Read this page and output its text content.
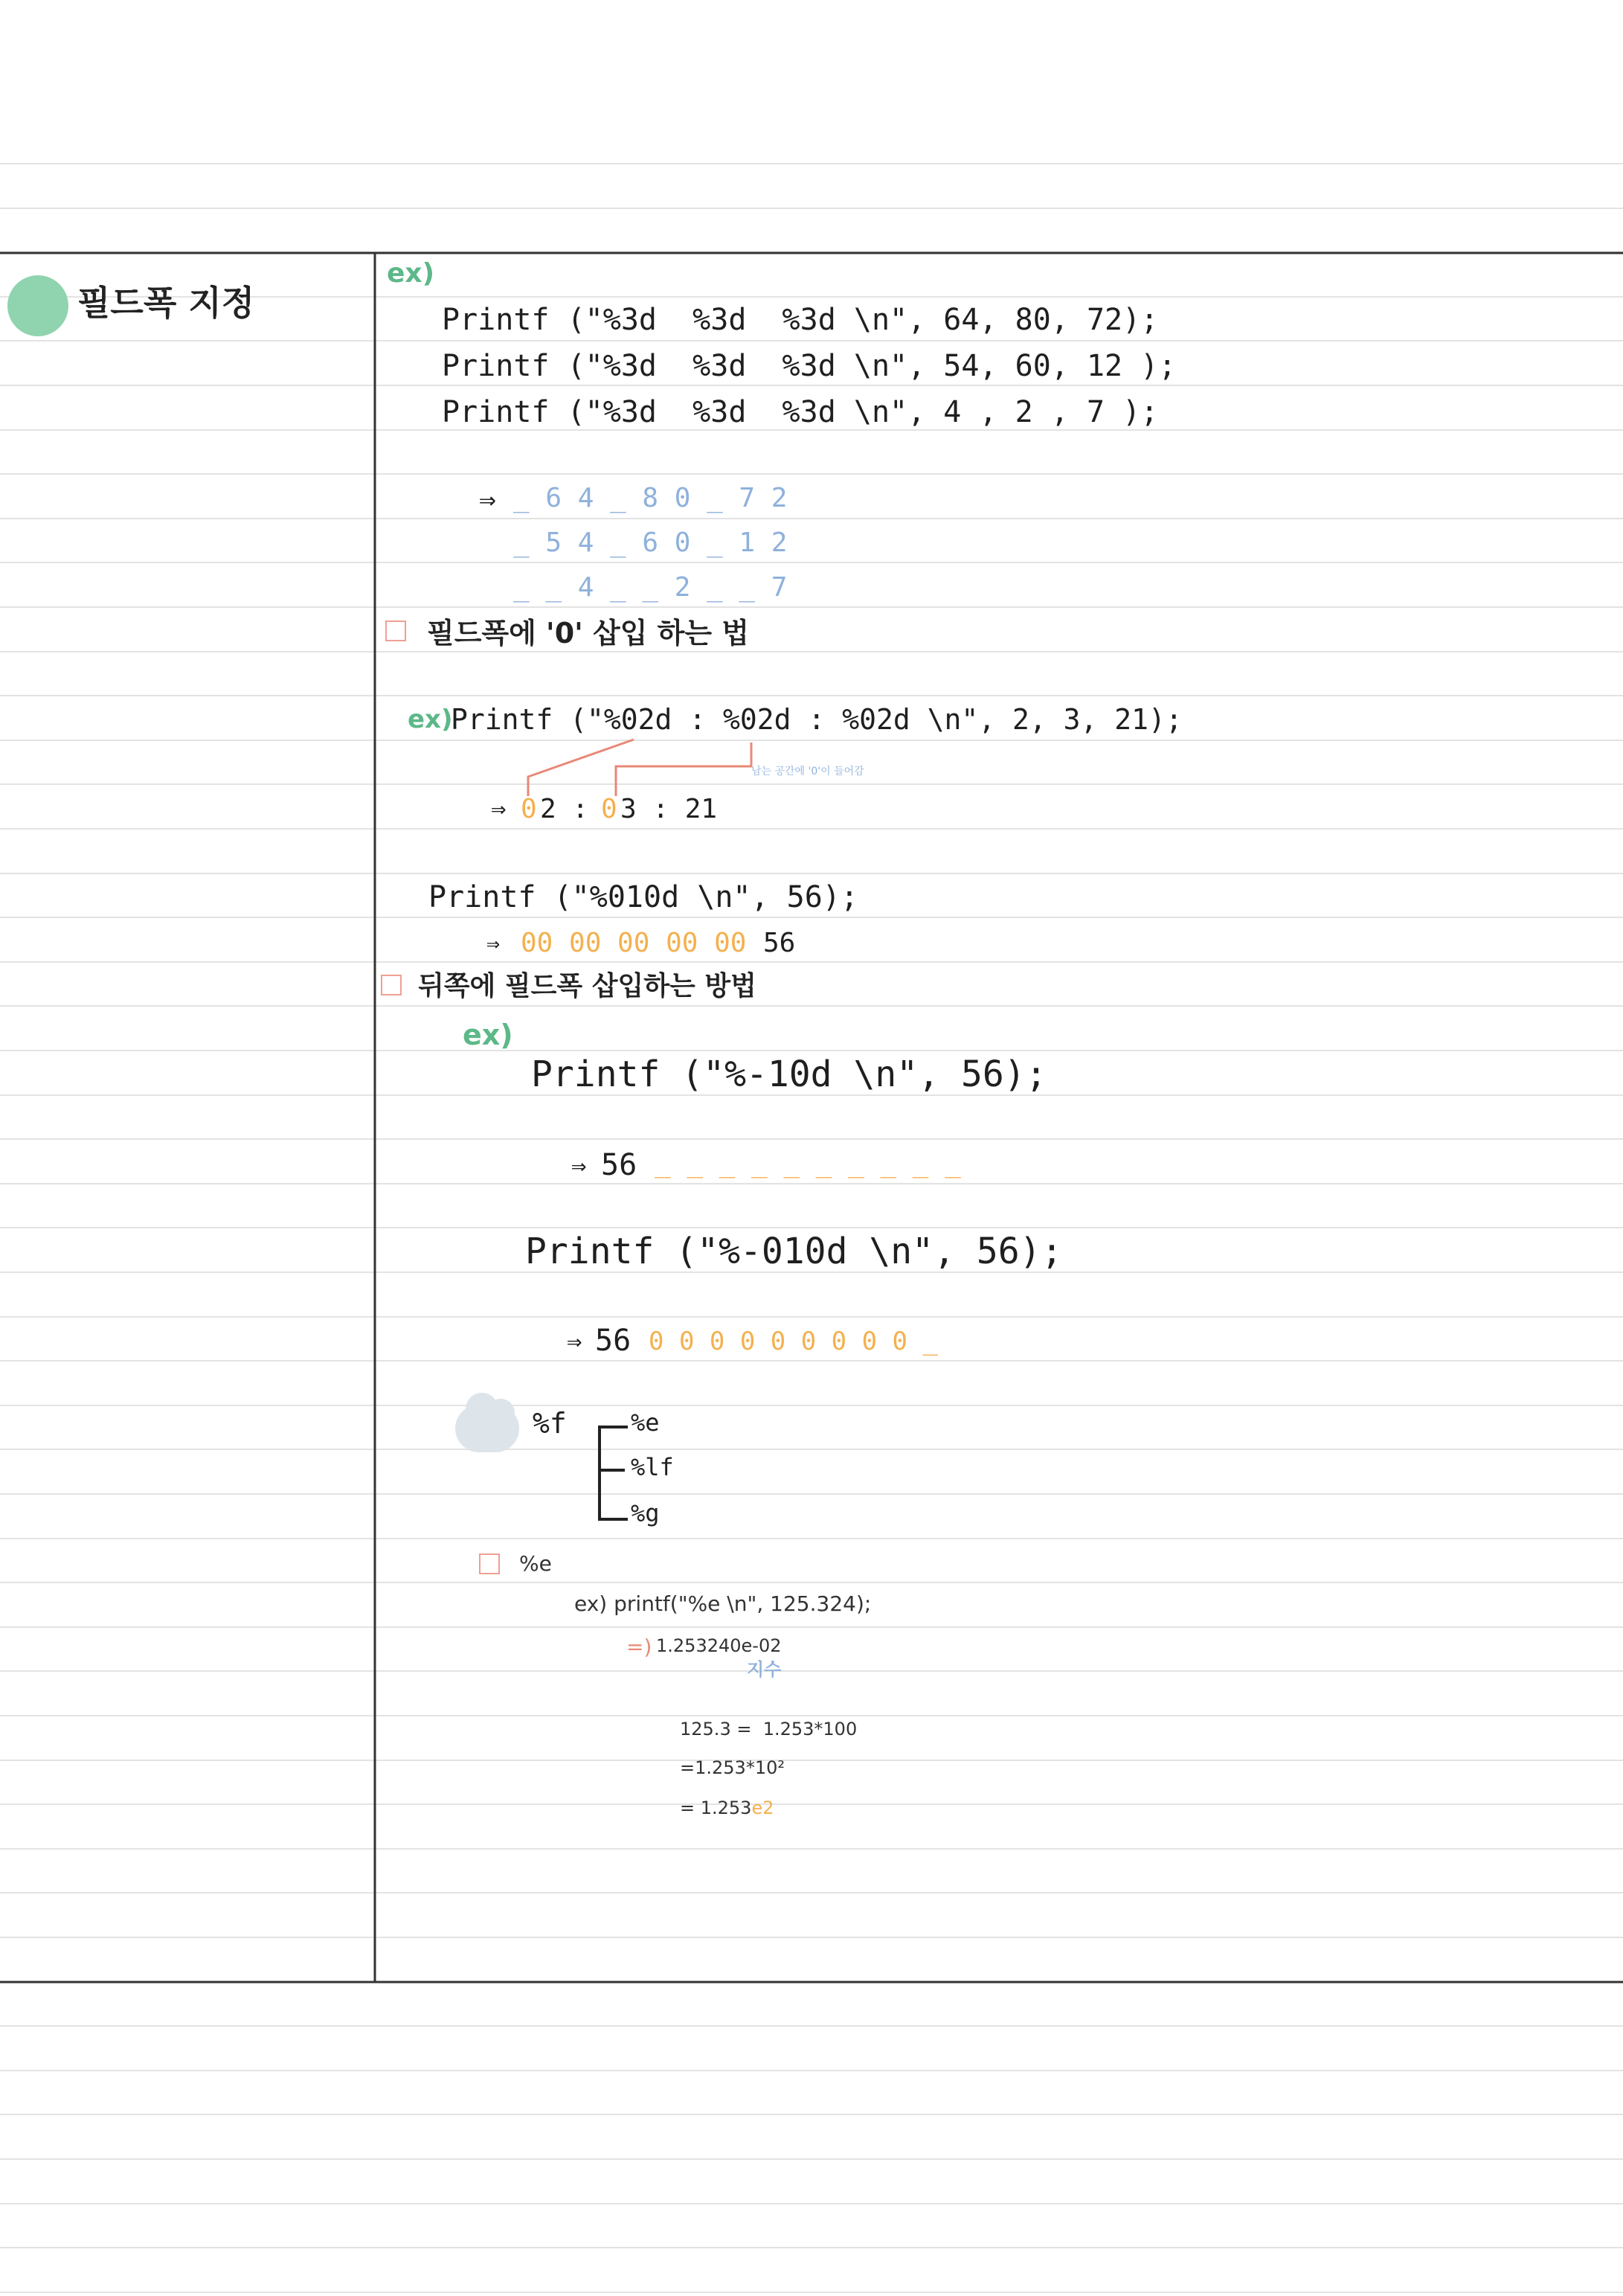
필드폭 지정
ex)
Printf ("%3d  %3d  %3d \n", 64, 80, 72);
Printf ("%3d  %3d  %3d \n", 54, 60, 12 );
Printf ("%3d  %3d  %3d \n", 4 , 2 , 7 );
⇒ _ 6 4 _ 8 0 _ 7 2
_ 5 4 _ 6 0 _ 1 2
_ _ 4 _ _ 2 _ _ 7
필드폭에 '0' 삽입 하는 법
ex)
Printf ("%02d : %02d : %02d \n", 2, 3, 21);
남는 공간에 '0'이 들어감
⇒ 0 2 : 0 3 : 21
Printf ("%010d \n", 56);
⇒ 00 00 00 00 00 56
뒤쪽에 필드폭 삽입하는 방법
ex)
Printf ("%-10d \n", 56);
⇒ 56 _ _ _ _ _ _ _ _ _ _
Printf ("%-010d \n", 56);
⇒ 56 0 0 0 0 0 0 0 0 0 _
%f	%e
%lf
%g
%e
ex) printf("%e \n", 125.324);
=) 1.253240e-02
지수
125.3 =  1.253*100
=1.253*10²
= 1.253e2
